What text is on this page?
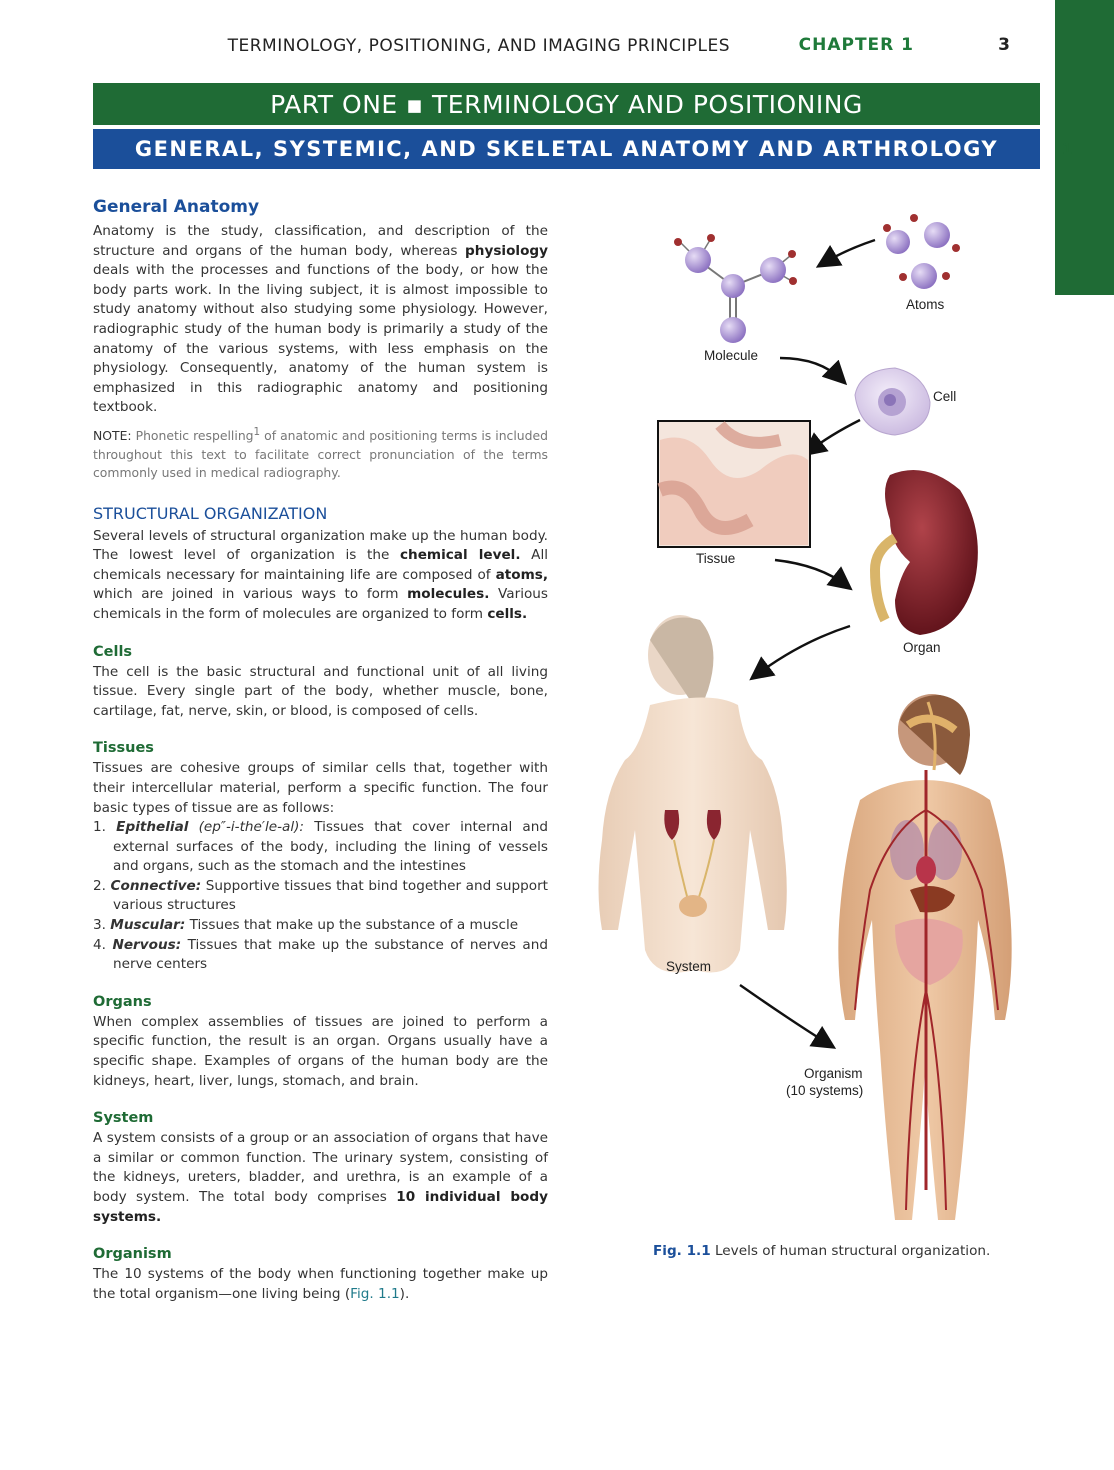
TERMINOLOGY, POSITIONING, AND IMAGING PRINCIPLES	CHAPTER 1	3
1
PART ONE ▪ TERMINOLOGY AND POSITIONING
GENERAL, SYSTEMIC, AND SKELETAL ANATOMY AND ARTHROLOGY
General Anatomy

Anatomy is the study, classification, and description of the structure and organs of the human body, whereas physiology deals with the processes and functions of the body, or how the body parts work. In the living subject, it is almost impossible to study anatomy without also studying some physiology. However, radiographic study of the human body is primarily a study of the anatomy of the various systems, with less emphasis on the physiology. Consequently, anatomy of the human system is emphasized in this radiographic anatomy and positioning textbook.

NOTE: Phonetic respelling$^1$ of anatomic and positioning terms is included throughout this text to facilitate correct pronunciation of the terms commonly used in medical radiography.

STRUCTURAL ORGANIZATION

Several levels of structural organization make up the human body. The lowest level of organization is the chemical level. All chemicals necessary for maintaining life are composed of atoms, which are joined in various ways to form molecules. Various chemicals in the form of molecules are organized to form cells.

Cells

The cell is the basic structural and functional unit of all living tissue. Every single part of the body, whether muscle, bone, cartilage, fat, nerve, skin, or blood, is composed of cells.

Tissues

Tissues are cohesive groups of similar cells that, together with their intercellular material, perform a specific function. The four basic types of tissue are as follows:

1. Epithelial (ep″-i-the′le-al): Tissues that cover internal and external surfaces of the body, including the lining of vessels and organs, such as the stomach and the intestines

2. Connective: Supportive tissues that bind together and support various structures

3. Muscular: Tissues that make up the substance of a muscle

4. Nervous: Tissues that make up the substance of nerves and nerve centers

Organs

When complex assemblies of tissues are joined to perform a specific function, the result is an organ. Organs usually have a specific shape. Examples of organs of the human body are the kidneys, heart, liver, lungs, stomach, and brain.

System

A system consists of a group or an association of organs that have a similar or common function. The urinary system, consisting of the kidneys, ureters, bladder, and urethra, is an example of a body system. The total body comprises 10 individual body systems.

Organism

The 10 systems of the body when functioning together make up the total organism—one living being (Fig. 1.1).

Atoms
Molecule
Cell
Tissue
Organ
System
Organism
(10 systems)
Fig. 1.1 Levels of human structural organization.
